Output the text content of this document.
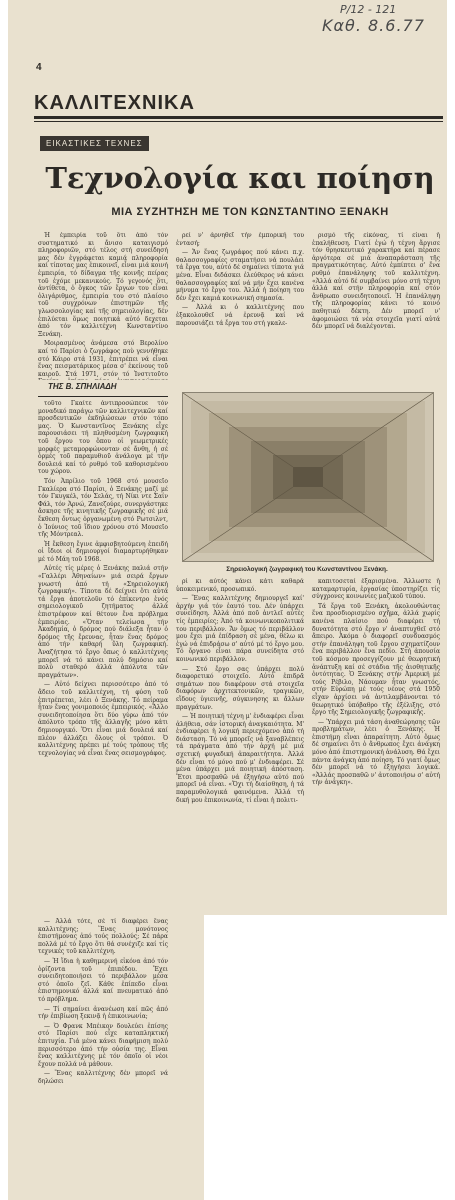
Ρ/12 - 121
Καθ. 8.6.77
4
ΚΑΛΛΙΤΕΧΝΙΚΑ
ΕΙΚΑΣΤΙΚΕΣ ΤΕΧΝΕΣ
Τεχνολογία και ποίηση
ΜΙΑ ΣΥΖΗΤΗΣΗ ΜΕ ΤΟΝ ΚΩΝΣΤΑΝΤΙΝΟ ΞΕΝΑΚΗ

Ἡ ἐμπειρία τοῦ ὅτι ἀπό τόν συστηματικό κι ἄνισο καταιγισμό πληροφοριῶν, στό τέλος στή συνείδησή μας δέν ἐγγράφεται καμιά πληροφορία καί τίποτας μας ἐπικοινεῖ, εἶναι μιά κοινή ἐμπειρία, τό δίδαγμα τῆς κοινῆς πείρας τοῦ ἐχόμε μεκανικούς. Τό γεγονός ὅτι, ἀντίθετα, ὁ ὄγκος τῶν ἔργων του εἶναι ὀλιγάριθμος, ἐμπειρία του στό πλαίσιο τοῦ συγχρόνων ἐπιστημῶν τῆς γλωσσολογίας καί τῆς σημειολογίας, δέν ἐπιλύεται ὅμως ποιητικά αὐτό δεχεται ἀπό τόν καλλιτέχνη Κωνσταντίνο Ξενάκη.

Μοιρασμένος ἀνάμεσα στό Βερολίνο καί τό Παρίσι ὁ ζωγράφος ποὺ γεννήθηκε στό Κάιρο στά 1931, ἐπιτρέπει νά εἶναι ἕνας πεισματάρικος μέσα σ' ἐκείνους τοῦ καιροῦ. Στά 1971, στόν τό Ἰνστιτοῦτο

ΤΗΣ Β. ΣΠΗΛΙΑΔΗ

τοῦτο Γκαίτε ἀντιπροσώπευε τόν μοναδικό παράγω τῶν καλλιτεχνικῶν καί προσδευτικῶν ἐκδηλώσεων στόν τόπο μας. Ὁ Κωνσταντῖνος Ξενάκης εἶχε παρουσιάσει τή πληθυσμένη ζωγραφική τοῦ ἔργου του ὅπου οἱ γεωμετρικές μορφές μεταμορφώνονταν σέ ἄνθη, ἡ σέ ὁρμές τοῦ παραμυθιοῦ ἀνάλογα μέ τήν δουλειά καί τό ρυθμό τοῦ καθορισμένου του χώρου.

Τόν Ἀπρίλιο τοῦ 1968 στό μουσεῖο Γκαλίερα στό Παρίσι, ὁ Ξενάκης μαζί μέ τόν Γκυγκέλ, τόν Σελάς, τή Νίκι ντε Σαίν Φάλ, τόν Ἀρνώ, Ζανεζούρε, συνεργάστηκε ἄσκησε τῆς κινητικῆς ζωγραφικῆς σέ μιά ἔκθεση ὄντως ὀργανωμένη στό Ρωτσιλντ, ὁ Ἰούνιος τοῦ ἴδιου χρόνου στό Μουσεῖο τῆς Μόντρεαλ.

Ἡ ἔκθεση ἔγινε ἀμφισβητούμενη ἐπειδή οἱ ἴδιοι οἱ δημιουργοί διαμαρτυρήθηκαν μέ τό Μάη τοῦ 1968.

Αὐτές τίς μέρες ὁ Ξενάκης παλιά στήν «Γαλλέρι Ἀθηναίων» μιά σειρά ἔργων γνωστή ἀπό τή «Σηρειολογική ζωγραφική». Τίποτα δέ δείχνει ὅτι αὐτά τά ἔργα ἀποτελοῦν τό ἐπίκεντρο ἑνός σημειολογικοῦ ζητήματος ἀλλά ἐπιστρέφουν καί θέτουν ἕνα πρόβλημα ἐμπειρίας. «Ὅταν τελείωσα τήν Ἀκαδημία, ὁ δρόμος πού διάλεξα ἦταν ὁ δρόμος τῆς ἔρευνας, ἦταν ἕνας δρόμος ἀπό τήν καθαρή ὕλη ζωγραφική. Ἀναζήτησα τό ἔργο ὅπως ὁ καλλιτέχνης μπορεῖ νά τό κάνει πολύ δημόσιο καί πολύ σταθερό ἀλλά ἀπόλυτα τῶν πραγμάτων».

— Αὐτό δείχνει περισσότερο ἀπό τό ἄδειο τοῦ καλλιτέχνη, τή φύση τοῦ ἐπιτρέπεται, λέει ὁ Ξενάκης. Τό πείραμα ἦταν ἔνας γονιμοποιός ἐμπειρικός. «Ἄλλο συνειδητοποίησα ὅτι δύο γύρω ἀπό τόν ἀπόλυτο τρόπο τῆς ἀλλαγῆς μόνο κάτι δημιουργικό. Ὅτι εἶναι μιά δουλειά καί πλέον ἀλλάζει ὅλους οἱ τρόποι. Ὁ καλλιτέχνης πρέπει μέ τούς τρόπους τῆς τεχνολογίας νά εἶναι ἕνας σεισμογράφος.

— Ἀλλά τότε, σέ τί διαφέρει ἕνας καλλιτέχνης; Ἕνας μονότονος ἐπιστήμονας ἀπό τούς πολλούς; Σέ πάρα πολλά μέ τό ἔργο ὅτι θά συνέχιζε καί τίς τεχνικές τοῦ καλλιτέχνη.

— Ἡ ἴδια ἡ καθημερινή εἰκόνα ἀπό τόν ὁρίζοντα τοῦ ἐπιπέδου. Ἔχει συνειδητοποιήσει τό περιβάλλον μέσα στό ὁποῖο ζεῖ. Κάθε ἐπίπεδο εἶναι ἐπιστημονικό ἀλλά καί πνευματικό ἀπό τό πρόβλημα.

— Τί σημαίνει ἀνανέωση καί πῶς ἀπό τήν ἐπιβίωση ξεκινᾷ ἡ ἐπικοινωνία;

— Ὁ Φρανκ Μπέικον δουλεύει ἐπίσης στό Παρίσι πού εἶχε καταπληκτική ἐπιτυχία. Γιά μένα κάνει διαφήμιση πολύ περισσότερο ἀπό τήν οὐσία της. Εἶναι ἕνας καλλιτέχνης μέ τόν ὁποῖο οἱ νέοι ἔχουν πολλά νά μάθουν.

— Ἕνας καλλιτέχνης δέν μπορεῖ νά δηλώσει

ρεί ν' ἀρνηθεῖ τήν ἐμπορική του ἐντασή;

— Ἄν ἕνας ζωγράφος πού κάνει π.χ. θαλασσογραφίες σταματήσει νά πουλάει τά ἔργα του, αὐτό δέ σημαίνει τίποτα γιά μένα. Εἶναι διδάσκει ἐλεύθερος νά κάνει θαλασσογραφίες καί νά μήν ἔχει κανένα μήνυμα τό ἔργο του. Ἀλλά ἡ ποίηση του δέν ἔχει καμιά κοινωνική σημασία.

— Ἀλλά κι ὁ καλλιτέχνης που ἐξακολουθεῖ νά ἐρευνᾷ καί νά παρουσιάζει τά ἔργα του στή γκαλε-

ρισμό τῆς εἰκόνας, τί εἶναι ἡ ἐπαλήθευση. Γιατί ἐγώ ἡ τέχνη ἄργισε τόν θρησκευτικό χαρακτήρα καί πέρασε ἀργότερα σέ μιά ἀναπαράσταση τῆς πραγματικότητας. Αὐτό ἐμπίπτει σ' ἕνα ρυθμό ἐπανάληψης τοῦ καλλιτέχνη. «Ἀλλά αὐτό δέ συμβαίνει μόνο στή τέχνη ἀλλά καί στήν πληροφορία καί στόν ἄνθρωπο συνειδητοποιεῖ. Ἡ ἐπανάληψη τῆς πληροφορίας κάνει τό κοινό παθητικό δέκτη. Δέν μπορεῖ ν' ἀφομοιώσει τά νέα στοιχεῖα γιατί αὐτά δέν μπορεῖ νά διαλέγονται.

Σηρειολογική ζωγραφική του Κωνσταντίνου Ξενάκη.

ρί κι αὐτός κάνει κάτι καθαρά ὑποκειμενικό, προσωπικό.

— Ἕνας καλλιτέχνης δημιουργεῖ καί' ἀρχήν γιά τόν ἑαυτό του. Δέν ὑπάρχει συνείδηση. Ἀλλά ἀπό ποῦ ἀντλεῖ αὐτές τίς ἐμπειρίες; Ἀπό τά κοινωνικοπολιτικά του περιβάλλον. Ἄν ὅμως τό περιβάλλον μου ἔχει μιά ἐπίδραση σέ μένα, θέλω κι ἐγώ νά ἐπιδράσω σ' αὐτό μέ τό ἔργο μου. Τό ὄργανο εἶναι πάρα συνείδητα στό κοινωνικό περιβάλλον.

— Στό ἔργο σας ὑπάρχει πολύ διαφορετικό στοιχεῖο. Αὐτό ἐπιδρᾶ σημάτων που διαφέρουν στά στοιχεῖα διαφόρων ἀρχιτεκτονικῶν, τραγικῶν, εἴδους ὑγιεινῆς, σύγκινησης κι ἄλλων πραγμάτων.

— Ἡ ποιητική τέχνη μ' ἐνδιαφέρει εἶναι ἀλήθεια, σάν ἱστορική ἀναγκαιότητα. Μ' ἐνδιαφέρει ἡ λογική περιεχόμενο ἀπό τή διάσταση. Τό νά μπορεῖς νά ξαναβλέπεις τά πράγματα ἀπό τήν ἀρχή μέ μιά σχετική φυγαδική ἀπαραιτήτητα. Ἀλλά δέν εἶναι τό μόνο πού μ' ἐνδιαφέρει. Σέ μένα ὑπάρχει μιά ποιητική ἀπόσταση. Ἔτσι προσπαθῶ νά ἐξηγήσω αὐτό πού μπορεῖ νά εἶναι. «Ὄχι τή διαίσθηση, ἡ τά παραμυθολογικά φαινόμενα. Ἀλλά τή δική μου ἐπικοινωνία, τί εἶναι ἡ πολιτι-

καπιτοσεταί ἐξαρισμένα. Ἄλλωστε ἡ καταμαρτυρία, ἐργασίας ὑποστηρίζει τίς σύγχρονες κοινωνίες μαζικοῦ τύπου.

Τά ἔργα τοῦ Ξενάκη, ἀκολουθώντας ἕνα προσδιορισμένο σχῆμα, ἀλλά χωρίς κανένα πλαίσιο πού διαφέρει τή δυνατότητα στό ἔργο ν' ἀναπτυχθεῖ στό ἄπειρο. Ἀκόμα ὁ διαφορεῖ συνδυασμός στήν ἐπανάληψη τοῦ ἔργου σχηματίζουν ἕνα περιβάλλον ἕνα πεδίο. Στή ἀπουσία τοῦ κόσμου προσεγγίζουν μέ θεωρητική ἀνάπτυξη καί σέ στάδια τῆς ἀισθητικῆς ὀντότητας. Ὁ Ξενάκης στήν Ἀμερική μέ τούς Ρέβιλο, Νάουμαν ἦταν γνωστός, στήν Εὐρώπη μέ τούς νέους στά 1950 εἶχαν ἀρχίσει νά ἀντιλαμβάνονται τό θεωρητικό ὑπόβαθρο τῆς ἐξέλιξης, στό ἔργο τῆς Σημειολογικῆς ζωγραφικῆς.

— Ὑπάρχει μιά τάση ἀναθεώρησης τῶν προβλημάτων, λέει ὁ Ξενάκης. Ἡ ἐπιστήμη εἶναι ἀπαραίτητη. Αὐτό ὅμως δέ σημαίνει ὅτι ὁ ἄνθρωπος ἔχει ἀνάγκη μόνο ἀπό ἐπιστημονική ἀνάλυση. Θά ἔχει πάντα ἀνάγκη ἀπό ποίηση. Τό γιατί ὅμως δέν μπορεῖ νά τό ἐξηγήσει λογικά. «Ἀλλάς προσπαθῶ ν' ἀυτοποιήσω σ' αὐτή τήν ἀνάγκη».
